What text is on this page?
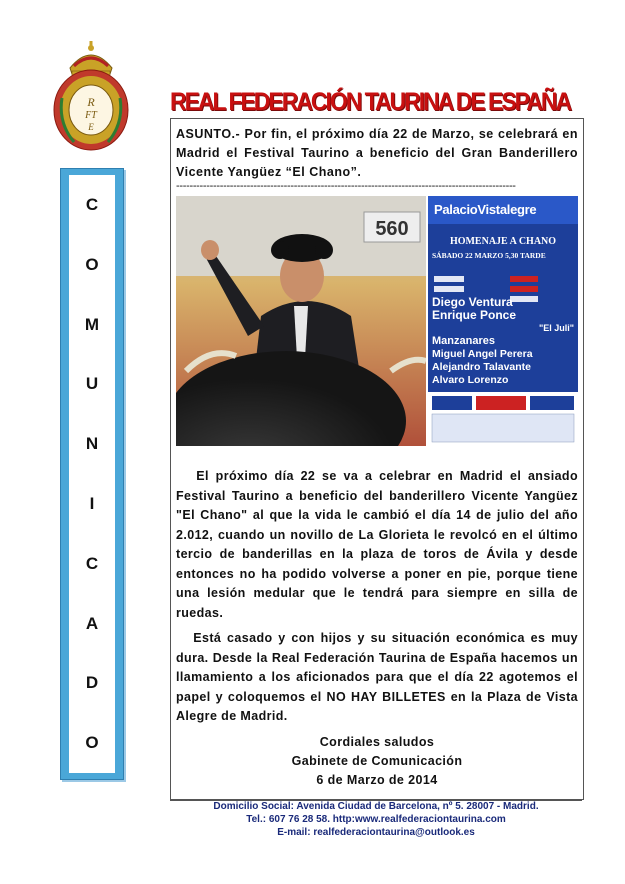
R
FT
E
REAL FEDERACIÓN TAURINA DE ESPAÑA
C
O
M
U
N
I
C
A
D
O
ASUNTO.- Por fin, el próximo día 22 de Marzo, se celebrará en Madrid el Festival Taurino a beneficio del Gran Banderillero Vicente Yangüez “El Chano”.
-----------------------------------------------------------------------------------------------------
560
PalacioVistalegre
HOMENAJE A CHANO
SÁBADO 22 MARZO 5,30 TARDE
Diego Ventura
Enrique Ponce
"El Juli"
Manzanares
Miguel Angel Perera
Alejandro Talavante
Alvaro Lorenzo
El próximo día 22 se va a celebrar en Madrid el ansiado Festival Taurino a beneficio del banderillero Vicente Yangüez "El Chano" al que la vida le cambió el día 14 de julio del año 2.012, cuando un novillo de La Glorieta le revolcó en el último tercio de banderillas en la plaza de toros de Ávila y desde entonces no ha podido volverse a poner en pie, porque tiene una lesión medular que le tendrá para siempre en silla de ruedas.
Está casado y con hijos y su situación económica es muy dura. Desde la Real Federación Taurina de España hacemos un llamamiento a los aficionados para que el día 22 agotemos el papel y coloquemos el NO HAY BILLETES en la Plaza de Vista Alegre de Madrid.
Cordiales saludos
Gabinete de Comunicación
6 de Marzo de 2014
Domicilio Social: Avenida Ciudad de Barcelona, nº 5. 28007 - Madrid.
Tel.: 607 76 28 58. http:www.realfederaciontaurina.com
E-mail: realfederaciontaurina@outlook.es
